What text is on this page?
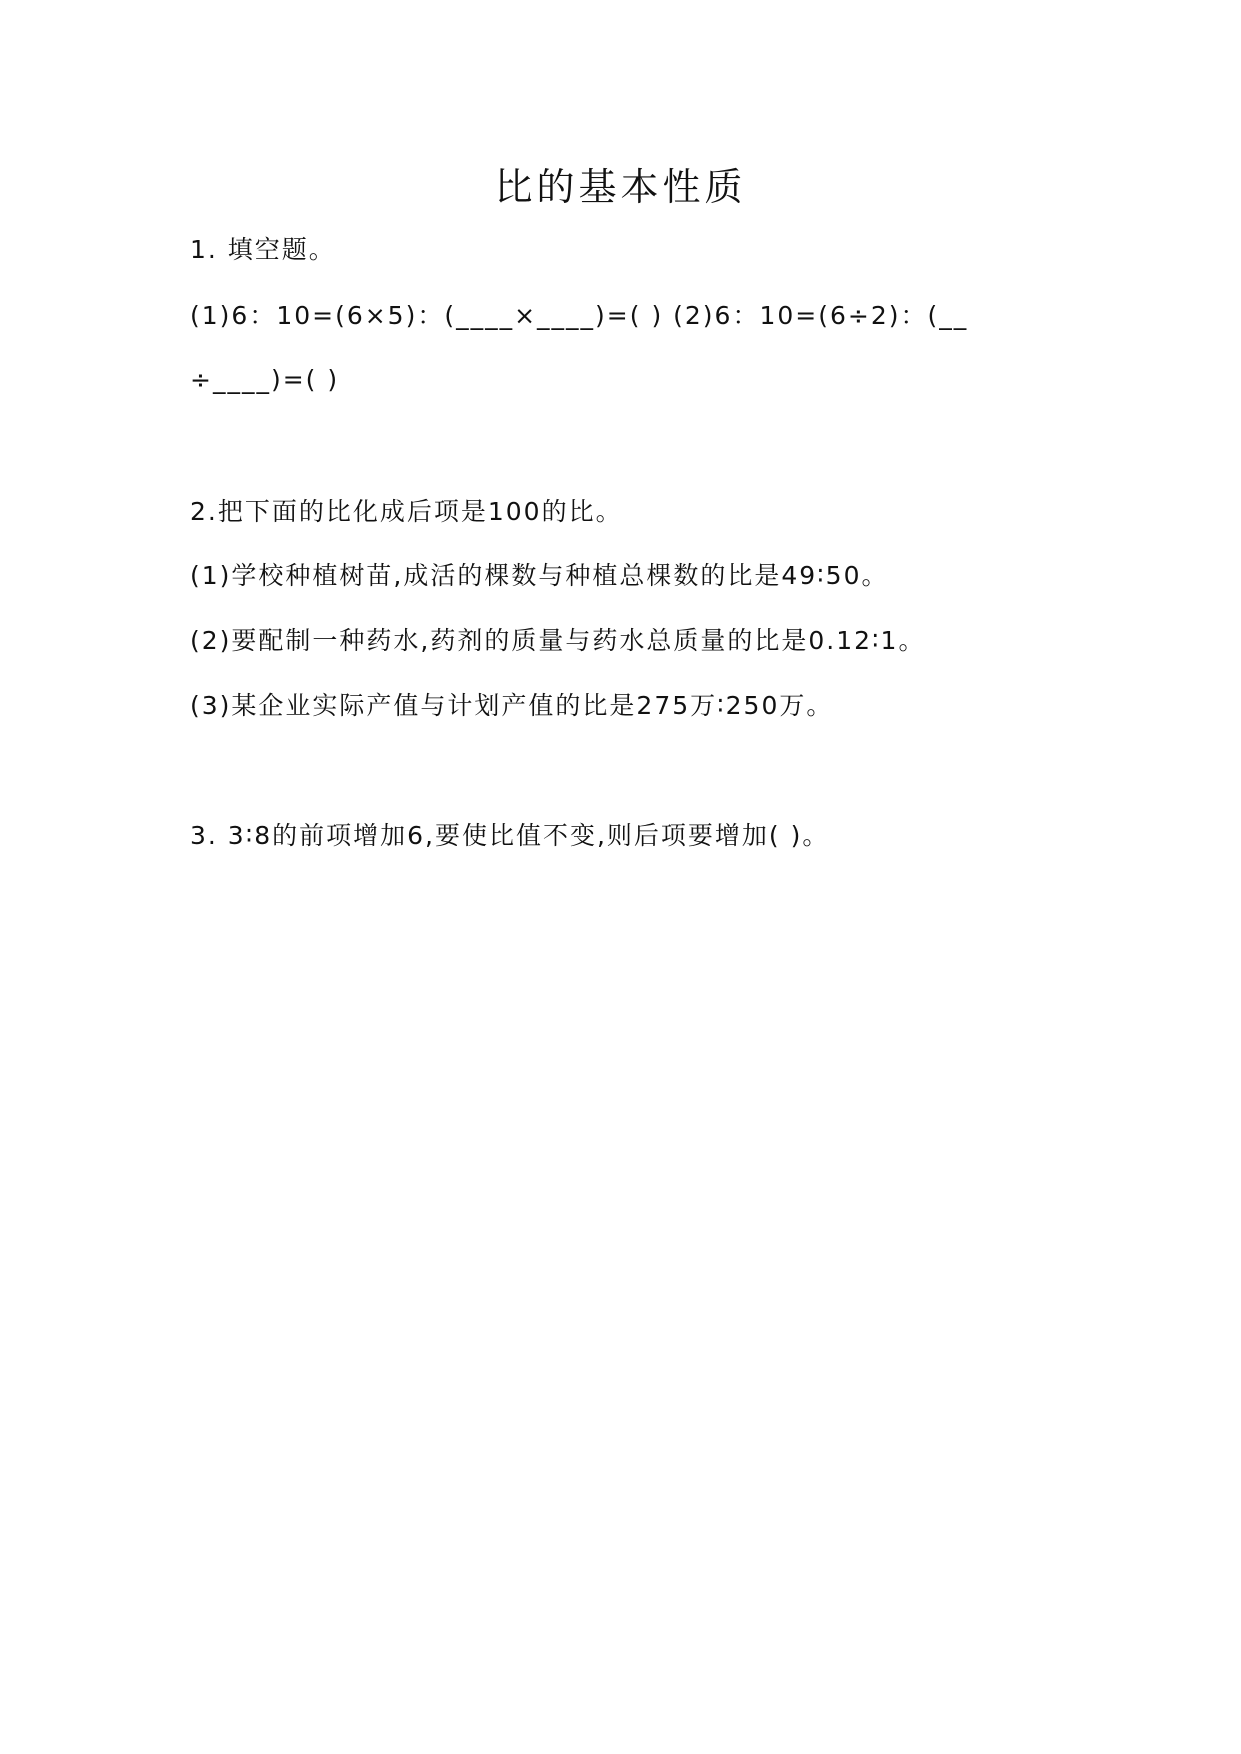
比的基本性质
1. 填空题。
(1)6：10=(6×5)：(____×____)=( ) (2)6：10=(6÷2)：(__
÷____)=( )
2.把下面的比化成后项是100的比。
(1)学校种植树苗,成活的棵数与种植总棵数的比是49∶50。
(2)要配制一种药水,药剂的质量与药水总质量的比是0.12∶1。
(3)某企业实际产值与计划产值的比是275万∶250万。
3. 3∶8的前项增加6,要使比值不变,则后项要增加( )。
